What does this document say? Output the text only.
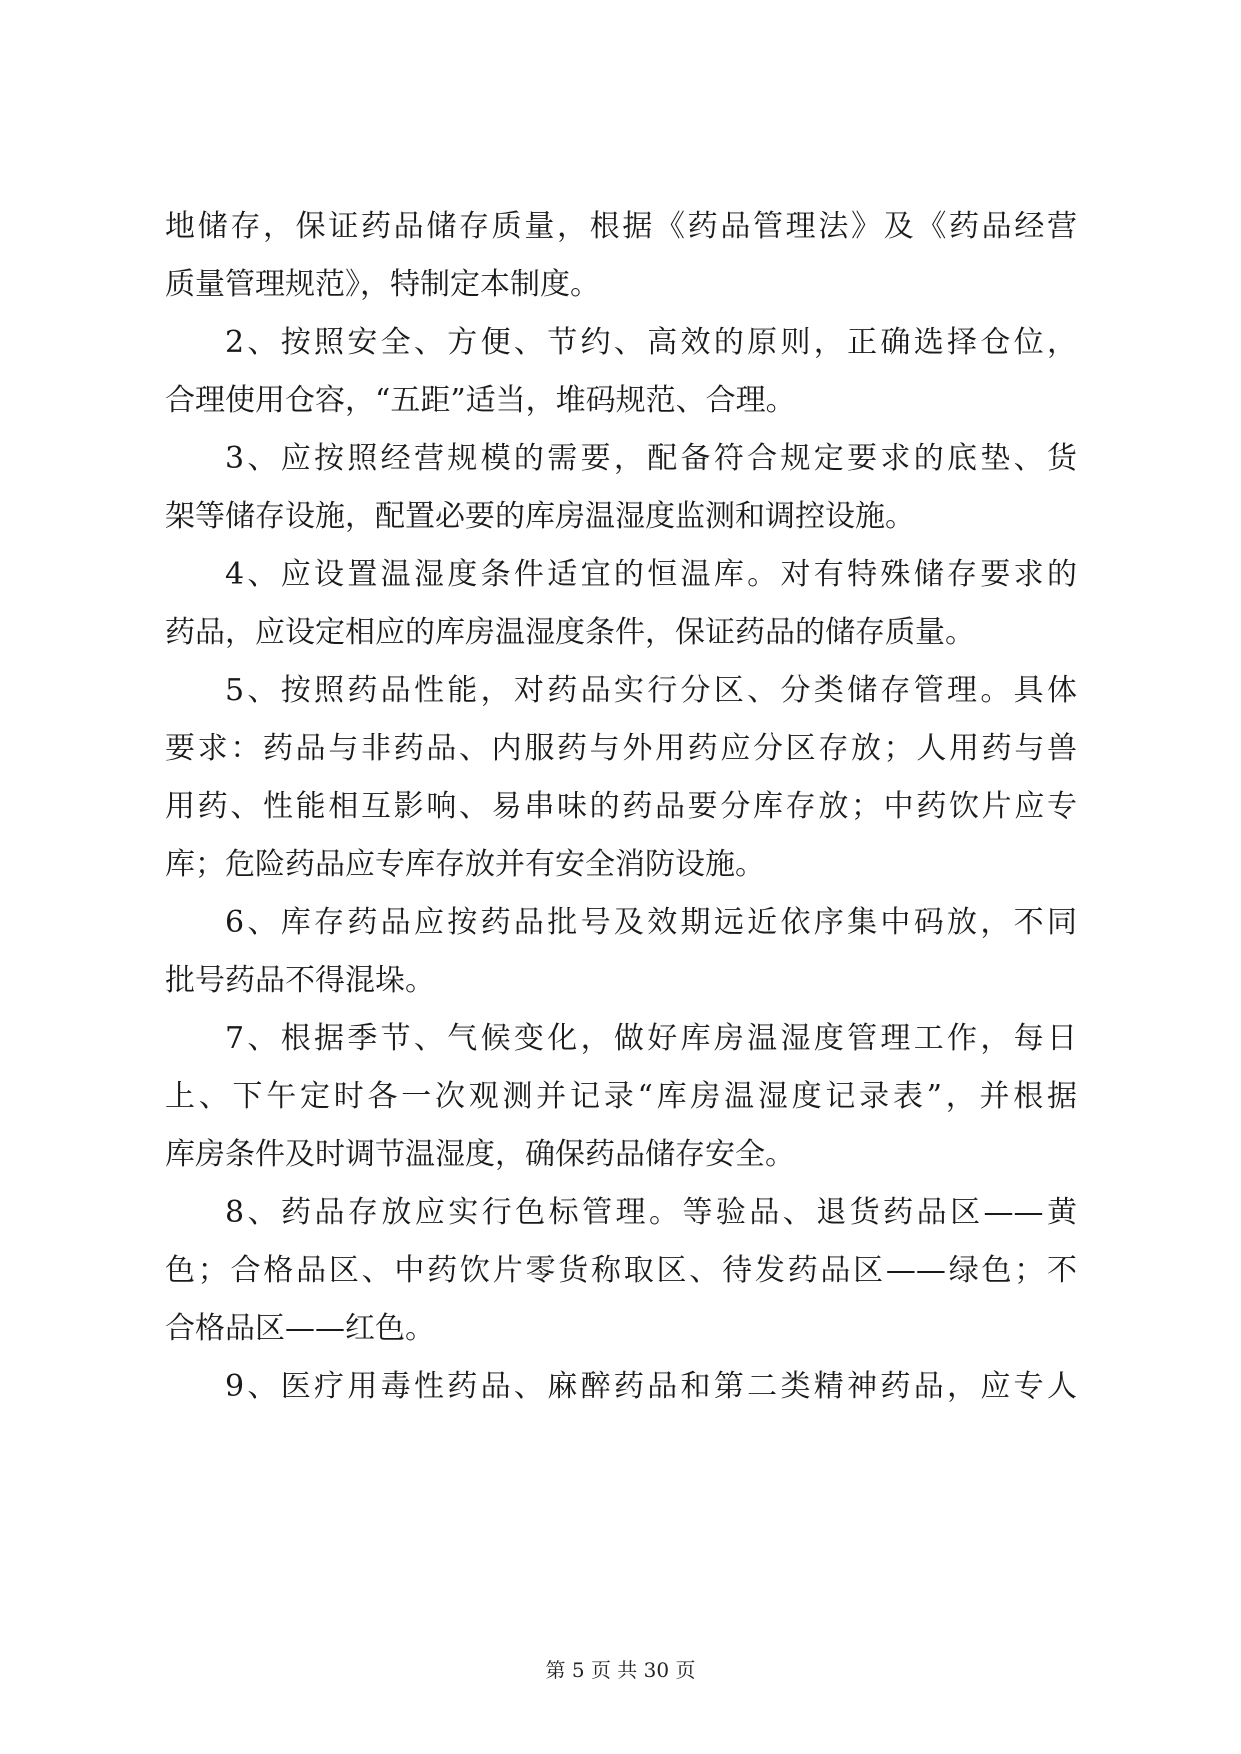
地储存，保证药品储存质量，根据《药品管理法》及《药品经营
质量管理规范》，特制定本制度。
2、按照安全、方便、节约、高效的原则，正确选择仓位，
合理使用仓容，“五距”适当，堆码规范、合理。
3、应按照经营规模的需要，配备符合规定要求的底垫、货
架等储存设施，配置必要的库房温湿度监测和调控设施。
4、应设置温湿度条件适宜的恒温库。对有特殊储存要求的
药品，应设定相应的库房温湿度条件，保证药品的储存质量。
5、按照药品性能，对药品实行分区、分类储存管理。具体
要求：药品与非药品、内服药与外用药应分区存放；人用药与兽
用药、性能相互影响、易串味的药品要分库存放；中药饮片应专
库；危险药品应专库存放并有安全消防设施。
6、库存药品应按药品批号及效期远近依序集中码放，不同
批号药品不得混垛。
7、根据季节、气候变化，做好库房温湿度管理工作，每日
上、下午定时各一次观测并记录“库房温湿度记录表”，并根据
库房条件及时调节温湿度，确保药品储存安全。
8、药品存放应实行色标管理。等验品、退货药品区——黄
色；合格品区、中药饮片零货称取区、待发药品区——绿色；不
合格品区——红色。
9、医疗用毒性药品、麻醉药品和第二类精神药品，应专人
第 5 页 共 30 页
